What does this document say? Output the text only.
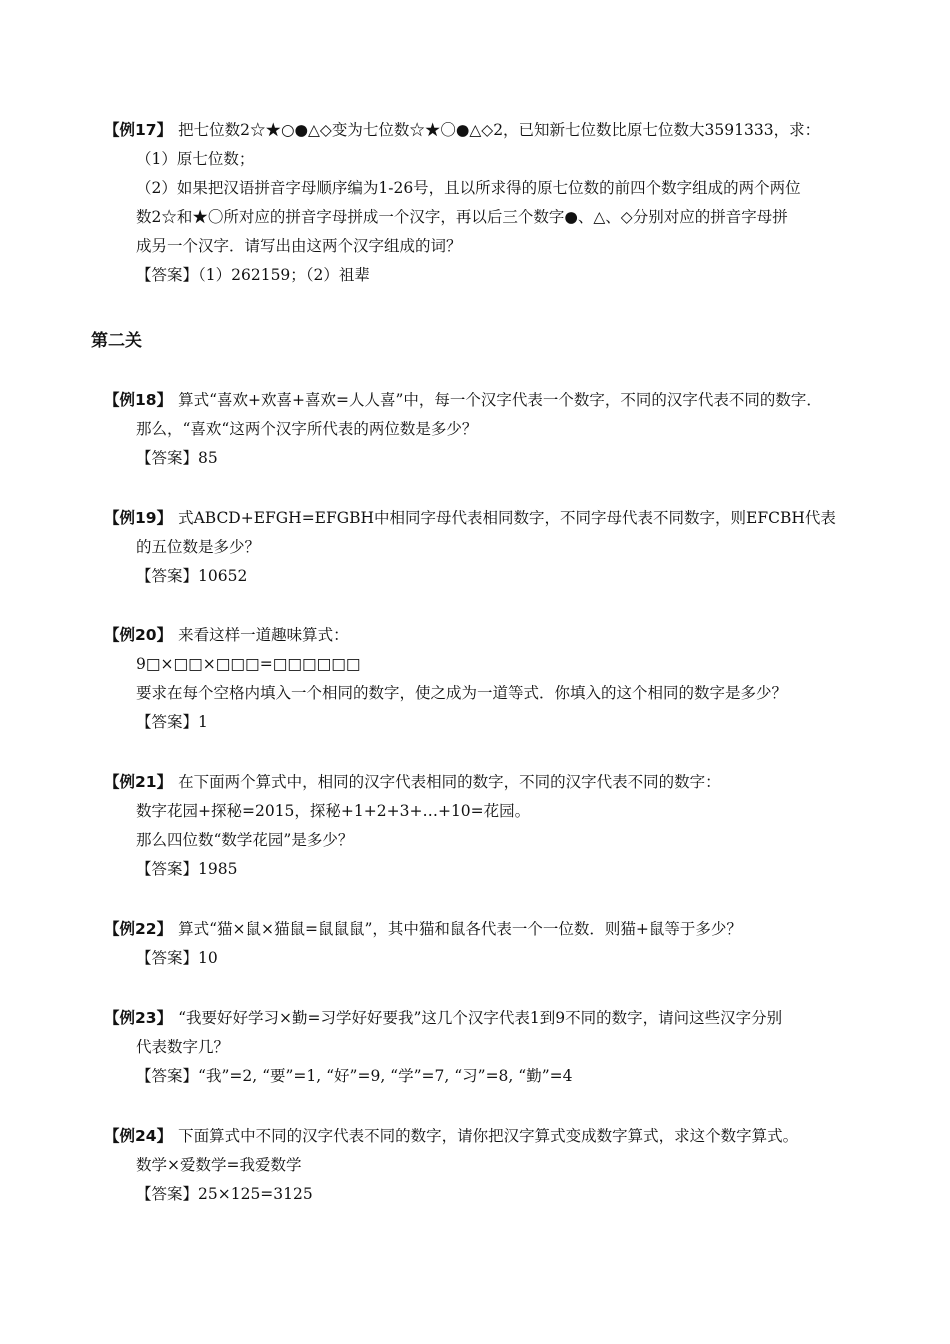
【例17】 把七位数2☆★○●△◇变为七位数☆★〇●△◇2，已知新七位数比原七位数大3591333，求：
（1）原七位数；
（2）如果把汉语拼音字母顺序编为1-26号，且以所求得的原七位数的前四个数字组成的两个两位
数2☆和★〇所对应的拼音字母拼成一个汉字，再以后三个数字●、△、◇分别对应的拼音字母拼
成另一个汉字．请写出由这两个汉字组成的词？
【答案】（1）262159；（2）祖辈
第二关
【例18】 算式“喜欢+欢喜+喜欢=人人喜”中，每一个汉字代表一个数字，不同的汉字代表不同的数字．
那么，“喜欢“这两个汉字所代表的两位数是多少？
【答案】85
【例19】 式ABCD+EFGH=EFGBH中相同字母代表相同数字，不同字母代表不同数字，则EFCBH代表
的五位数是多少？
【答案】10652
【例20】 来看这样一道趣味算式：
9□×□□×□□□=□□□□□□
要求在每个空格内填入一个相同的数字，使之成为一道等式．你填入的这个相同的数字是多少？
【答案】1
【例21】 在下面两个算式中，相同的汉字代表相同的数字，不同的汉字代表不同的数字：
数字花园+探秘=2015，探秘+1+2+3+…+10=花园。
那么四位数“数学花园”是多少？
【答案】1985
【例22】 算式“猫×鼠×猫鼠=鼠鼠鼠”，其中猫和鼠各代表一个一位数．则猫+鼠等于多少？
【答案】10
【例23】 “我要好好学习×勤=习学好好要我”这几个汉字代表1到9不同的数字，请问这些汉字分别
代表数字几？
【答案】“我”=2, “要”=1, “好”=9, “学”=7, “习”=8, “勤”=4
【例24】 下面算式中不同的汉字代表不同的数字，请你把汉字算式变成数字算式，求这个数字算式。
数学×爱数学=我爱数学
【答案】25×125=3125
